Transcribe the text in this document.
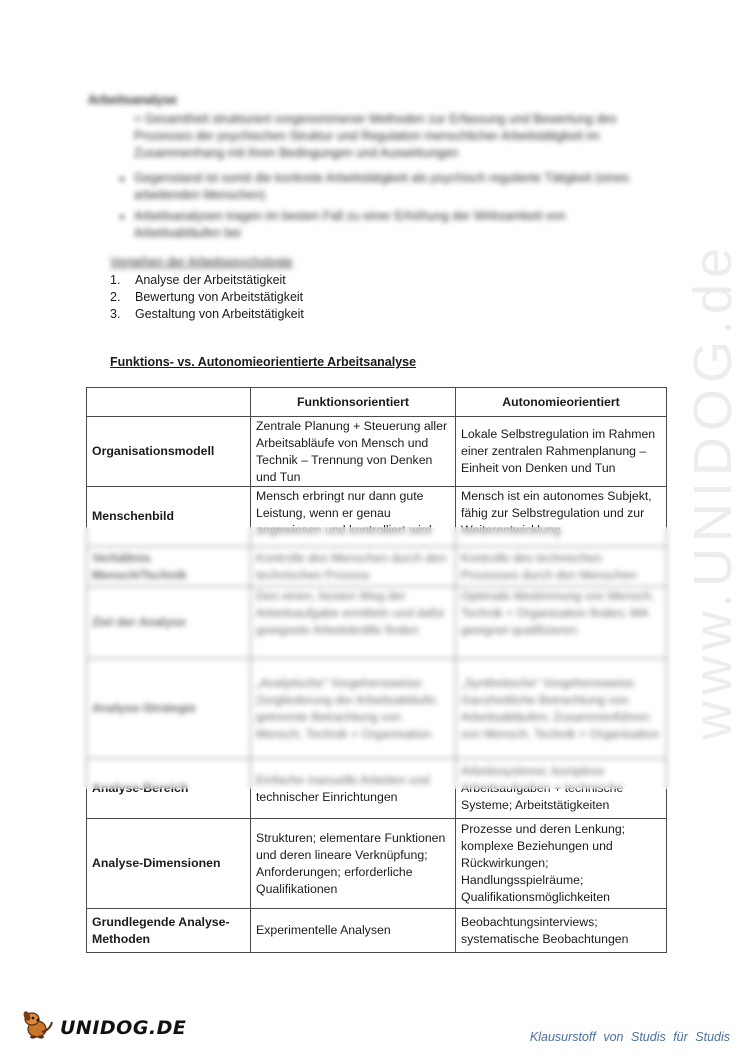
Arbeitsanalyse
= Gesamtheit strukturiert vorgenommener Methoden zur Erfassung und Bewertung des Prozesses der psychischen Struktur und Regulation menschlicher Arbeitstätigkeit im Zusammenhang mit ihren Bedingungen und Auswirkungen
• Gegenstand ist somit die konkrete Arbeitstätigkeit als psychisch regulierte Tätigkeit (eines arbeitenden Menschen)
• Arbeitsanalysen tragen im besten Fall zu einer Erhöhung der Wirksamkeit von Arbeitsabläufen bei
Vorgehen der Arbeitspsychologie
1.	Analyse der Arbeitstätigkeit
2.	Bewertung von Arbeitstätigkeit
3.	Gestaltung von Arbeitstätigkeit
Funktions- vs. Autonomieorientierte Arbeitsanalyse
	Funktionsorientiert	Autonomieorientiert
Organisationsmodell	Zentrale Planung + Steuerung aller Arbeitsabläufe von Mensch und Technik – Trennung von Denken und Tun	Lokale Selbstregulation im Rahmen einer zentralen Rahmenplanung – Einheit von Denken und Tun
Menschenbild	Mensch erbringt nur dann gute Leistung, wenn er genau angewiesen und kontrolliert wird	Mensch ist ein autonomes Subjekt, fähig zur Selbstregulation und zur Weiterentwicklung
Verhältnis Mensch/Technik	Kontrolle des Menschen durch den technischen Prozess	Kontrolle des technischen Prozesses durch den Menschen
Ziel der Analyse	Den einen, besten Weg der Arbeitsaufgabe ermitteln und dafür geeignete Arbeitskräfte finden	Optimale Abstimmung von Mensch, Technik + Organisation finden; MA geeignet qualifizieren
Analyse-Strategie	„Analytische“ Vorgehensweise: Zergliederung der Arbeitsabläufe; getrennte Betrachtung von Mensch, Technik + Organisation	„Synthetische“ Vorgehensweise: Ganzheitliche Betrachtung von Arbeitsabläufen; Zusammenführen von Mensch, Technik + Organisation
Analyse-Bereich	Einfache manuelle Arbeiten und technischer Einrichtungen	Arbeitssysteme; komplexe Arbeitsaufgaben + technische Systeme; Arbeitstätigkeiten
Analyse-Dimensionen	Strukturen; elementare Funktionen und deren lineare Verknüpfung; Anforderungen; erforderliche Qualifikationen	Prozesse und deren Lenkung; komplexe Beziehungen und Rückwirkungen; Handlungsspielräume; Qualifikationsmöglichkeiten
Grundlegende Analyse-Methoden	Experimentelle Analysen	Beobachtungsinterviews; systematische Beobachtungen
www.UNIDOG.de
UNIDOG.DE	Klausurstoff von Studis für Studis
